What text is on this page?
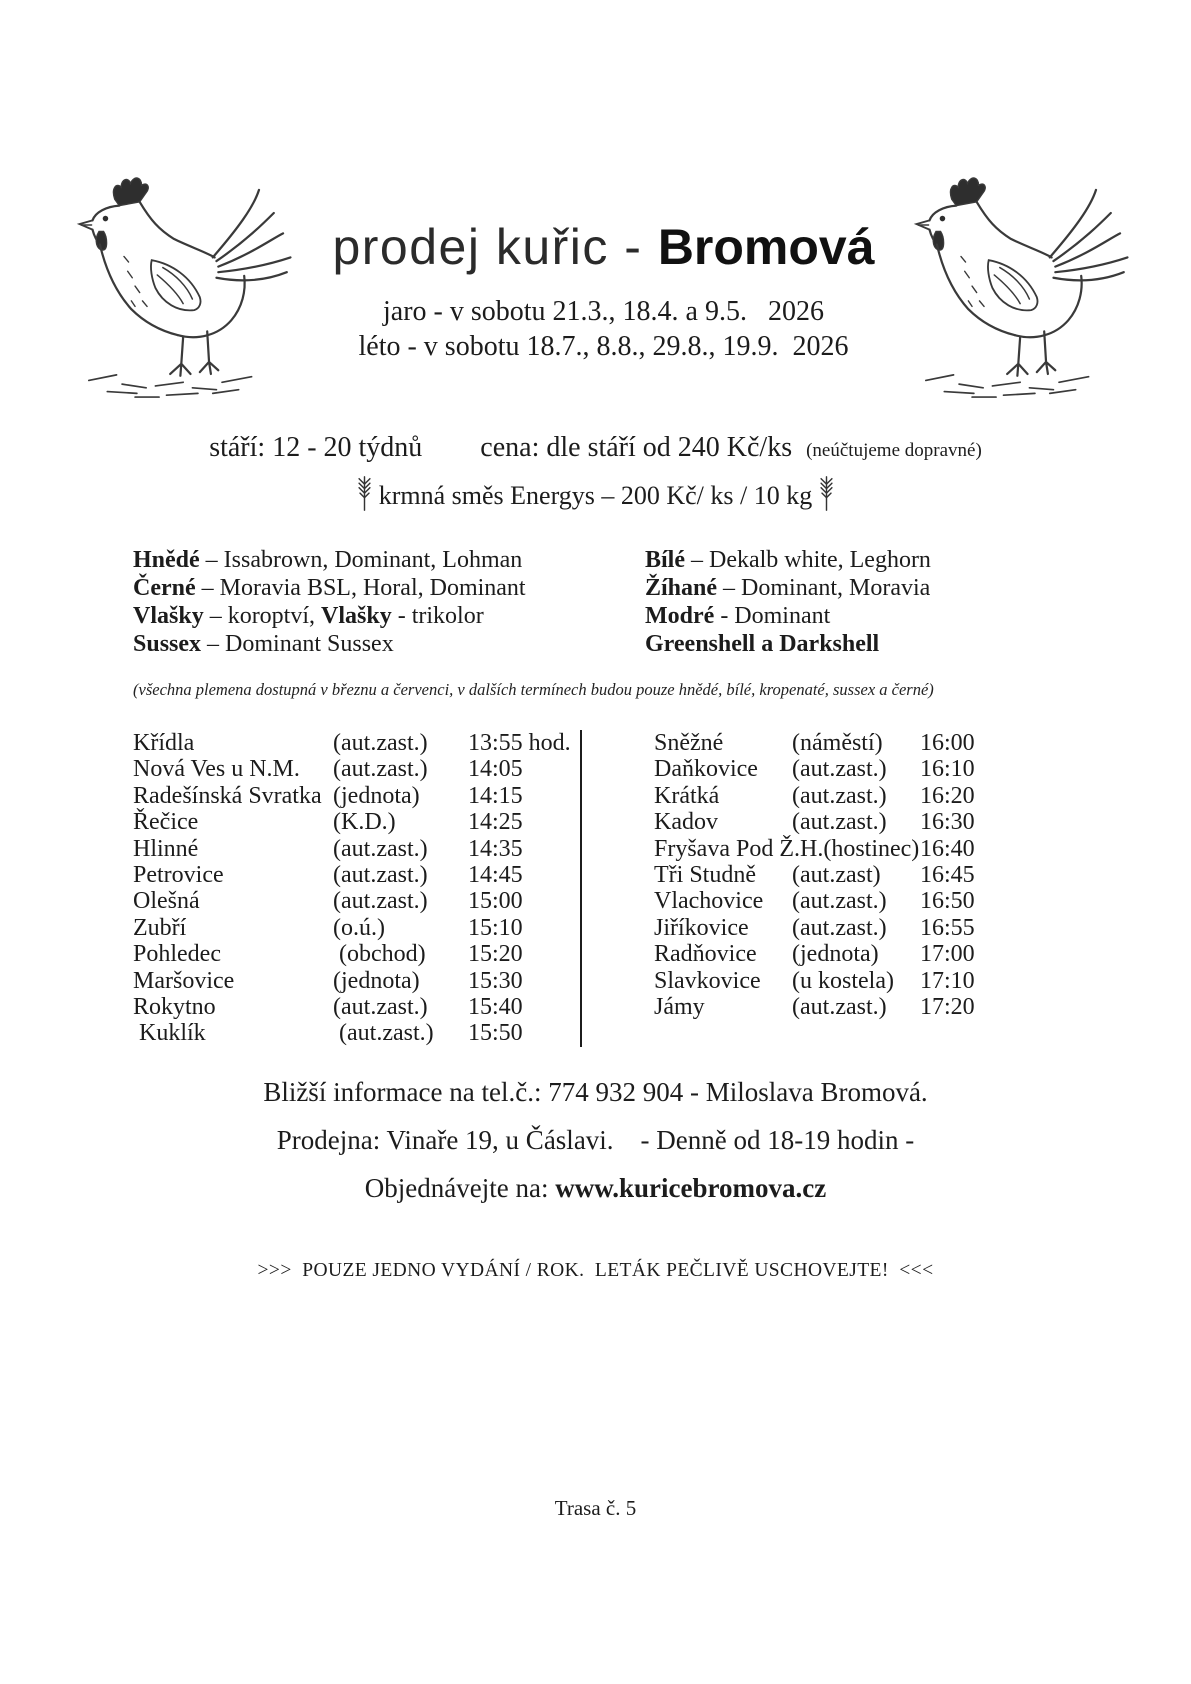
prodej kuřic - Bromová
jaro - v sobotu 21.3., 18.4. a 9.5.   2026
léto - v sobotu 18.7., 8.8., 29.8., 19.9.  2026
stáří: 12 - 20 týdnů cena: dle stáří od 240 Kč/ks (neúčtujeme dopravné)
krmná směs Energys – 200 Kč/ ks / 10 kg
Hnědé – Issabrown, Dominant, Lohman
Černé – Moravia BSL, Horal, Dominant
Vlašky – koroptví, Vlašky - trikolor
Sussex – Dominant Sussex
Bílé – Dekalb white, Leghorn
Žíhané – Dominant, Moravia
Modré - Dominant
Greenshell a Darkshell
(všechna plemena dostupná v březnu a červenci, v dalších termínech budou pouze hnědé, bílé, kropenaté, sussex a černé)
Křídla	(aut.zast.)	13:55 hod.
Nová Ves u N.M.	(aut.zast.)	14:05
Radešínská Svratka (jednota)	14:15
Řečice	(K.D.)	14:25
Hlinné	(aut.zast.)	14:35
Petrovice	(aut.zast.)	14:45
Olešná	(aut.zast.)	15:00
Zubří	(o.ú.)	15:10
Pohledec	(obchod)	15:20
Maršovice	(jednota)	15:30
Rokytno	(aut.zast.)	15:40
Kuklík	(aut.zast.)	15:50
Sněžné	(náměstí)	16:00
Daňkovice	(aut.zast.)	16:10
Krátká	(aut.zast.)	16:20
Kadov	(aut.zast.)	16:30
Fryšava Pod Ž.H.(hostinec) 16:40
Tři Studně	(aut.zast)	16:45
Vlachovice	(aut.zast.)	16:50
Jiříkovice	(aut.zast.)	16:55
Radňovice	(jednota)	17:00
Slavkovice	(u kostela)	17:10
Jámy	(aut.zast.)	17:20
Bližší informace na tel.č.: 774 932 904 - Miloslava Bromová.
Prodejna: Vinaře 19, u Čáslavi.    - Denně od 18-19 hodin -
Objednávejte na: www.kuricebromova.cz
>>>  POUZE JEDNO VYDÁNÍ / ROK.  LETÁK PEČLIVĚ USCHOVEJTE!  <<<
Trasa č. 5
